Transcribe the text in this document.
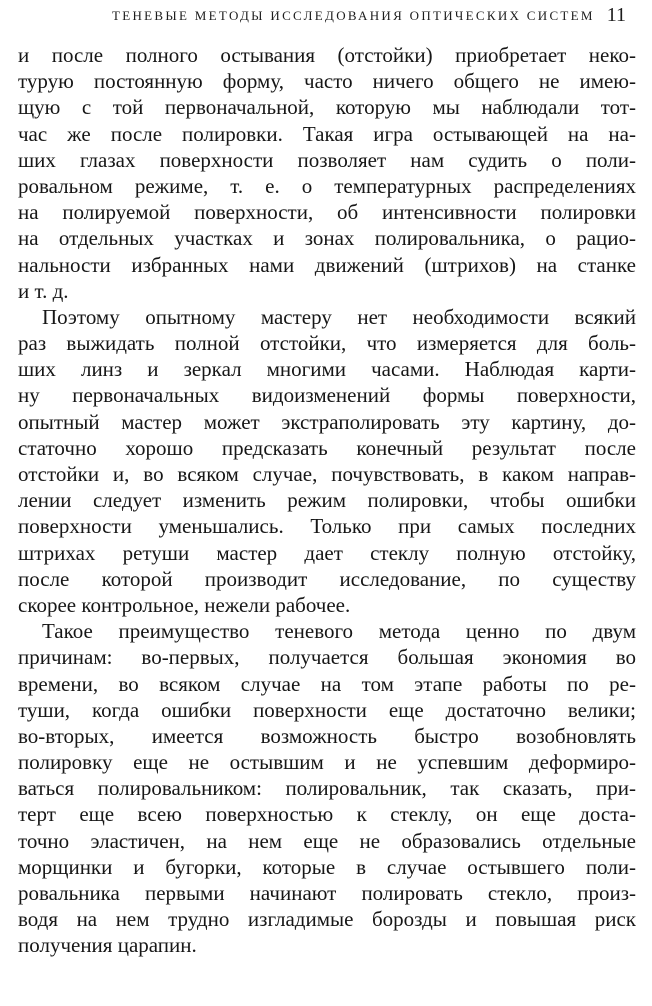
ТЕНЕВЫЕ МЕТОДЫ ИССЛЕДОВАНИЯ ОПТИЧЕСКИХ СИСТЕМ 11
и после полного остывания (отстойки) приобретает неко-
турую постоянную форму, часто ничего общего не имею-
щую с той первоначальной, которую мы наблюдали тот-
час же после полировки. Такая игра остывающей на на-
ших глазах поверхности позволяет нам судить о поли-
ровальном режиме, т. е. о температурных распределениях
на полируемой поверхности, об интенсивности полировки
на отдельных участках и зонах полировальника, о рацио-
нальности избранных нами движений (штрихов) на станке
и т. д.
Поэтому опытному мастеру нет необходимости всякий
раз выжидать полной отстойки, что измеряется для боль-
ших линз и зеркал многими часами. Наблюдая карти-
ну первоначальных видоизменений формы поверхности,
опытный мастер может экстраполировать эту картину, до-
статочно хорошо предсказать конечный результат после
отстойки и, во всяком случае, почувствовать, в каком направ-
лении следует изменить режим полировки, чтобы ошибки
поверхности уменьшались. Только при самых последних
штрихах ретуши мастер дает стеклу полную отстойку,
после которой производит исследование, по существу
скорее контрольное, нежели рабочее.
Такое преимущество теневого метода ценно по двум
причинам: во-первых, получается большая экономия во
времени, во всяком случае на том этапе работы по ре-
туши, когда ошибки поверхности еще достаточно велики;
во-вторых, имеется возможность быстро возобновлять
полировку еще не остывшим и не успевшим деформиро-
ваться полировальником: полировальник, так сказать, при-
терт еще всею поверхностью к стеклу, он еще доста-
точно эластичен, на нем еще не образовались отдельные
морщинки и бугорки, которые в случае остывшего поли-
ровальника первыми начинают полировать стекло, произ-
водя на нем трудно изгладимые борозды и повышая риск
получения царапин.
